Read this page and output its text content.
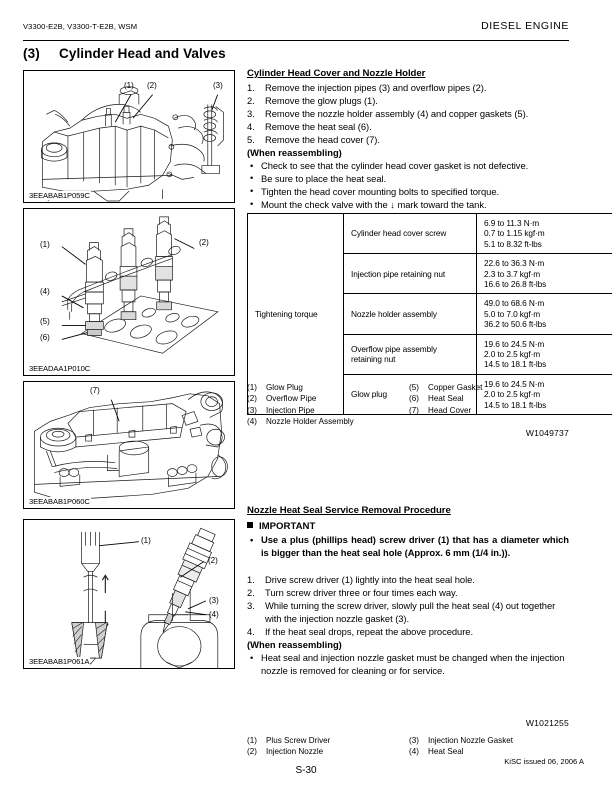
V3300-E2B, V3300-T-E2B, WSM	DIESEL ENGINE
(3) Cylinder Head and Valves
(1) (2)	(3)
3EEABAB1P059C
(1)	(2)
(4)
(5)
(6)
3EEADAA1P010C
(7)
3EEABAB1P060C
(1)
(2)
(3)
(4)
3EEABAB1P061A
Cylinder Head Cover and Nozzle Holder
1.	Remove the injection pipes (3) and overflow pipes (2).
2.	Remove the glow plugs (1).
3.	Remove the nozzle holder assembly (4) and copper gaskets (5).
4.	Remove the heat seal (6).
5.	Remove the head cover (7).
(When reassembling)
• Check to see that the cylinder head cover gasket is not defective.
• Be sure to place the heat seal.
• Tighten the head cover mounting bolts to specified torque.
• Mount the check valve with the ↓ mark toward the tank.
Tightening torque	Cylinder head cover screw	6.9 to 11.3 N·m
0.7 to 1.15 kgf·m
5.1 to 8.32 ft-lbs

	Injection pipe retaining nut	22.6 to 36.3 N·m
2.3 to 3.7 kgf·m
16.6 to 26.8 ft-lbs

	Nozzle holder assembly	49.0 to 68.6 N·m
5.0 to 7.0 kgf·m
36.2 to 50.6 ft-lbs

	Overflow pipe assembly retaining nut	19.6 to 24.5 N·m
2.0 to 2.5 kgf·m
14.5 to 18.1 ft-lbs

	Glow plug	19.6 to 24.5 N·m
2.0 to 2.5 kgf·m
14.5 to 18.1 ft-lbs
(1) Glow Plug
(2) Overflow Pipe
(3) Injection Pipe
(4) Nozzle Holder Assembly
(5) Copper Gasket
(6) Heat Seal
(7) Head Cover
W1049737
Nozzle Heat Seal Service Removal Procedure
IMPORTANT
• Use a plus (phillips head) screw driver (1) that has a diameter which is bigger than the heat seal hole (Approx. 6 mm (1/4 in.)).
1.	Drive screw driver (1) lightly into the heat seal hole.
2.	Turn screw driver three or four times each way.
3.	While turning the screw driver, slowly pull the heat seal (4) out together with the injection nozzle gasket (3).
4.	If the heat seal drops, repeat the above procedure.
(When reassembling)
• Heat seal and injection nozzle gasket must be changed when the injection nozzle is removed for cleaning or for service.
(1) Plus Screw Driver
(2) Injection Nozzle
(3) Injection Nozzle Gasket
(4) Heat Seal
W1021255
KiSC issued 06, 2006 A
S-30
